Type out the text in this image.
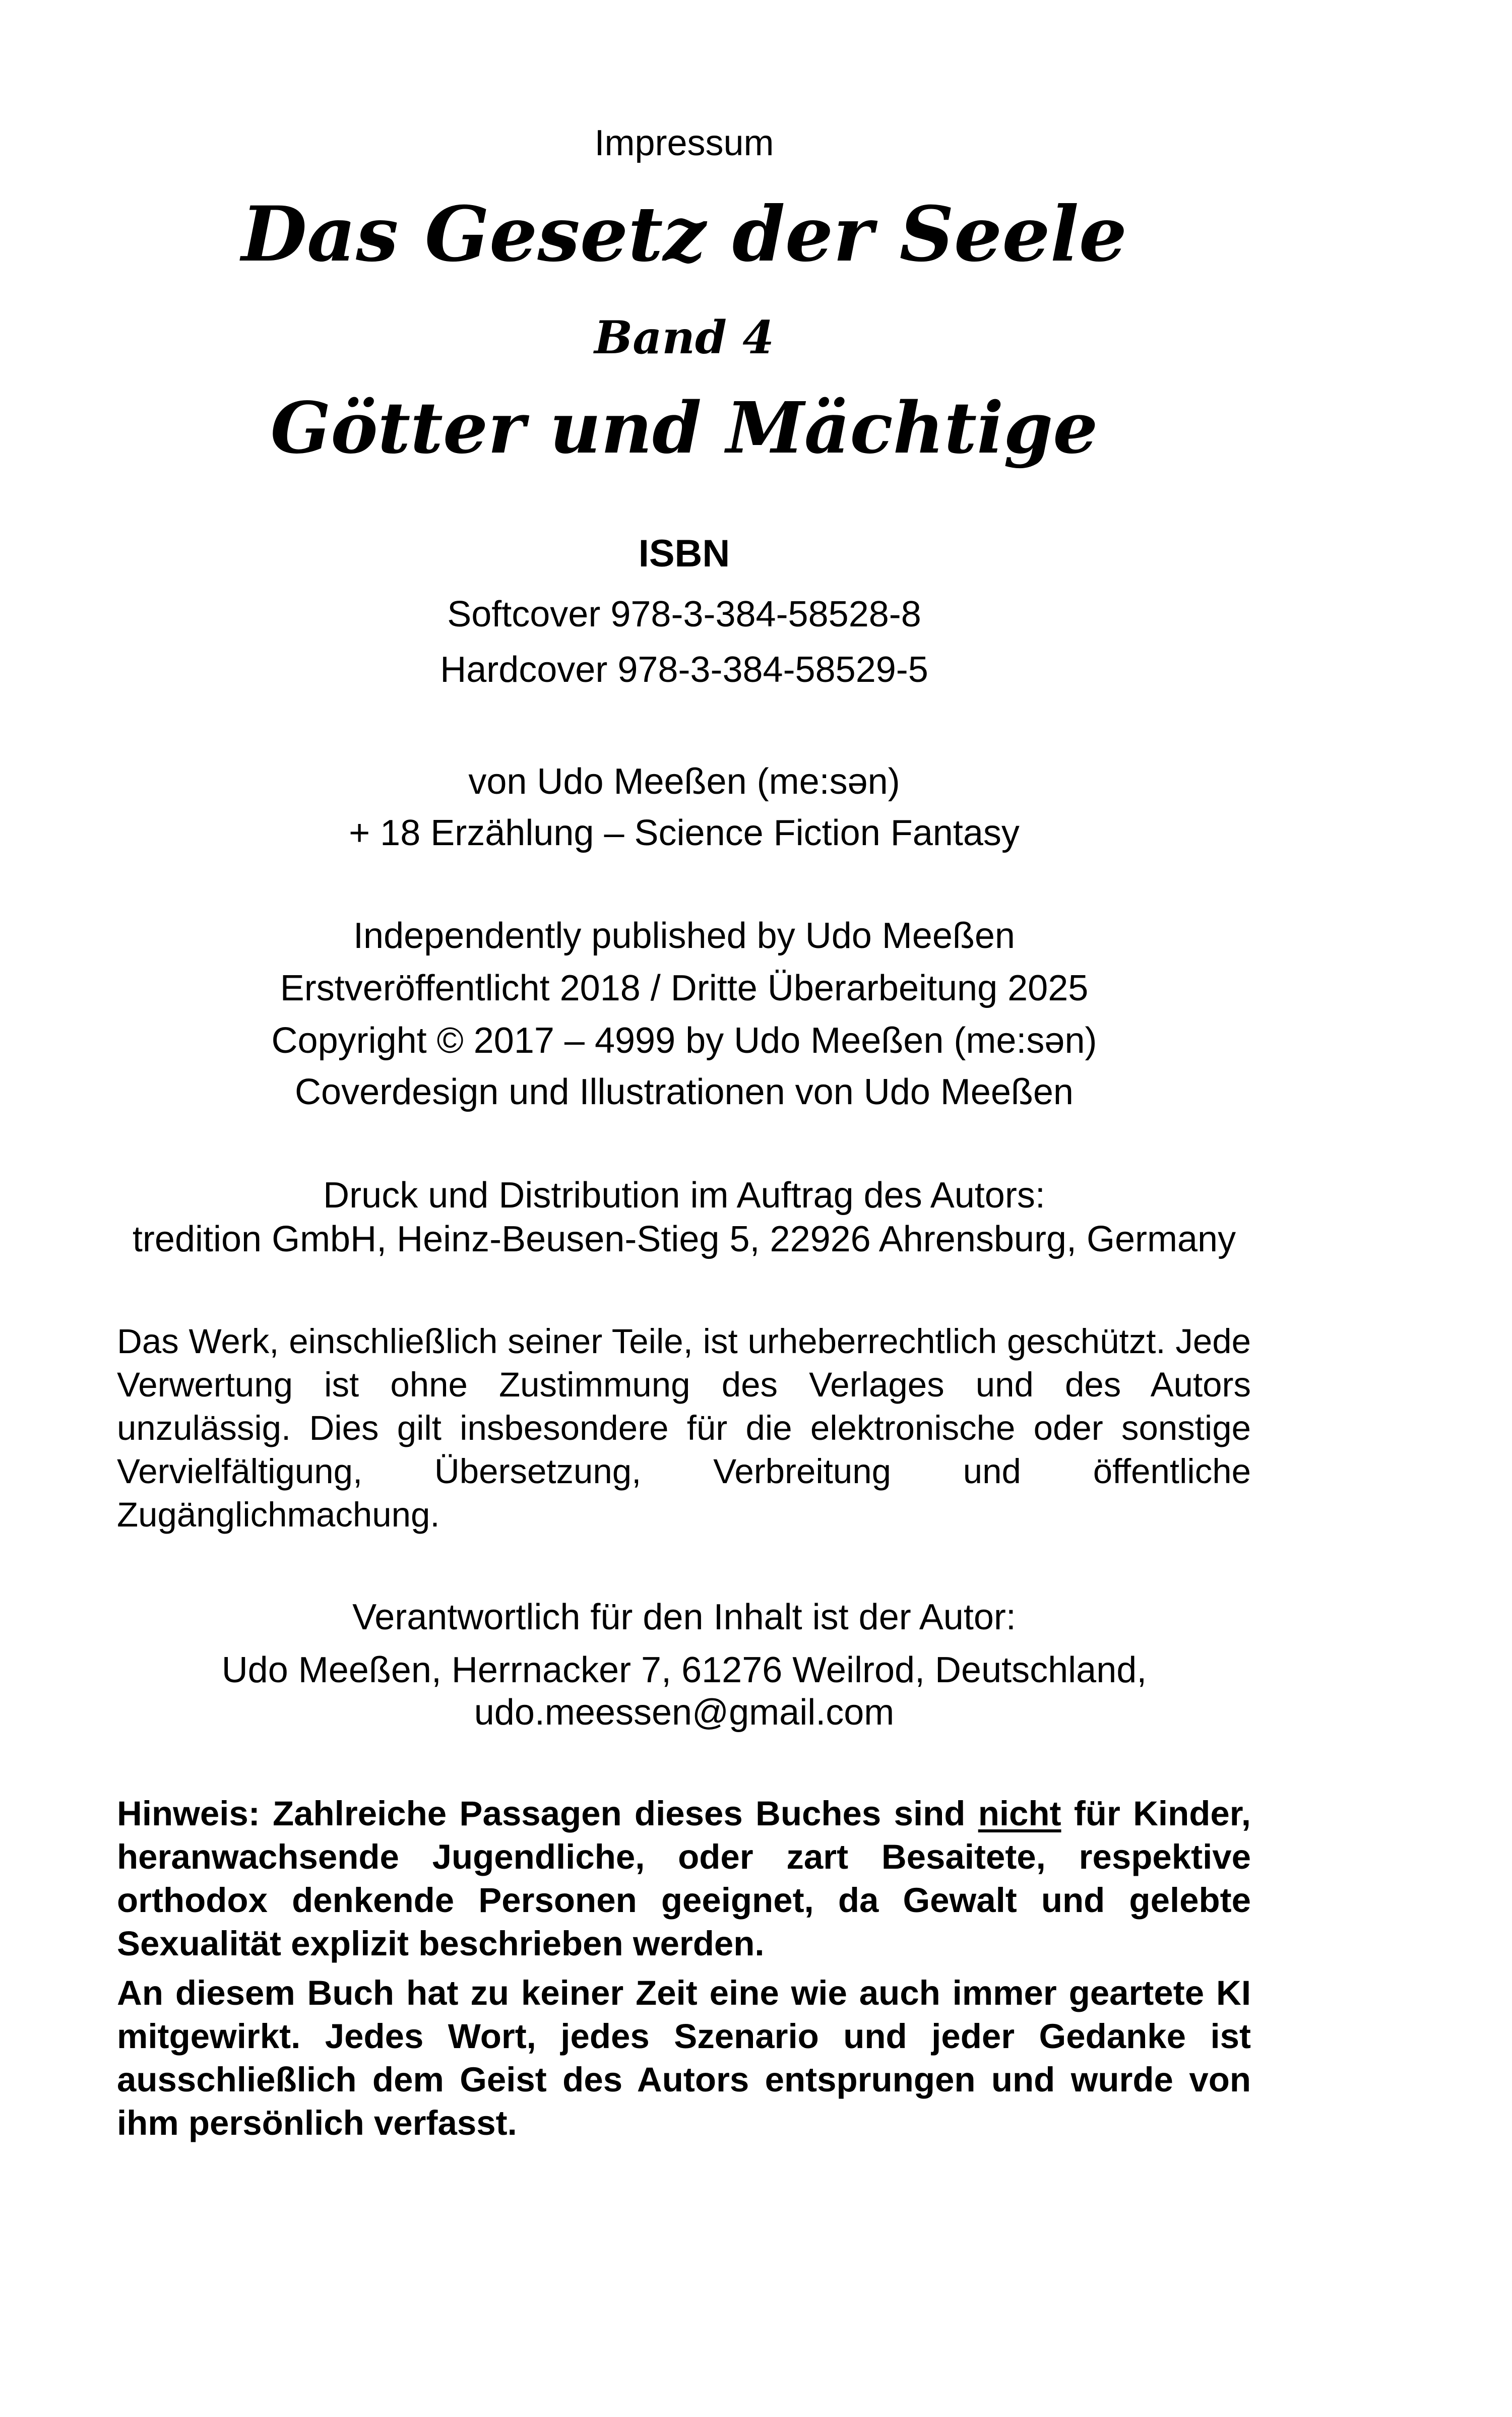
Impressum
Das Gesetz der Seele
Band 4
Götter und Mächtige
ISBN
Softcover 978-3-384-58528-8
Hardcover 978-3-384-58529-5
von Udo Meeßen (me:sən)
+ 18 Erzählung – Science Fiction Fantasy
Independently published by Udo Meeßen
Erstveröffentlicht 2018 / Dritte Überarbeitung 2025
Copyright © 2017 – 4999 by Udo Meeßen (me:sən)
Coverdesign und Illustrationen von Udo Meeßen
Druck und Distribution im Auftrag des Autors:
tredition GmbH, Heinz-Beusen-Stieg 5, 22926 Ahrensburg, Germany
Das Werk, einschließlich seiner Teile, ist urheberrechtlich geschützt. Jede Verwertung ist ohne Zustimmung des Verlages und des Autors unzulässig. Dies gilt insbesondere für die elektronische oder sonstige Vervielfältigung, Übersetzung, Verbreitung und öffentliche Zugänglichmachung.
Verantwortlich für den Inhalt ist der Autor:
Udo Meeßen, Herrnacker 7, 61276 Weilrod, Deutschland,
udo.meessen@gmail.com
Hinweis: Zahlreiche Passagen dieses Buches sind nicht für Kinder, heranwachsende Jugendliche, oder zart Besaitete, respektive orthodox denkende Personen geeignet, da Gewalt und gelebte Sexualität explizit beschrieben werden.
An diesem Buch hat zu keiner Zeit eine wie auch immer geartete KI mitgewirkt. Jedes Wort, jedes Szenario und jeder Gedanke ist ausschließlich dem Geist des Autors entsprungen und wurde von ihm persönlich verfasst.
